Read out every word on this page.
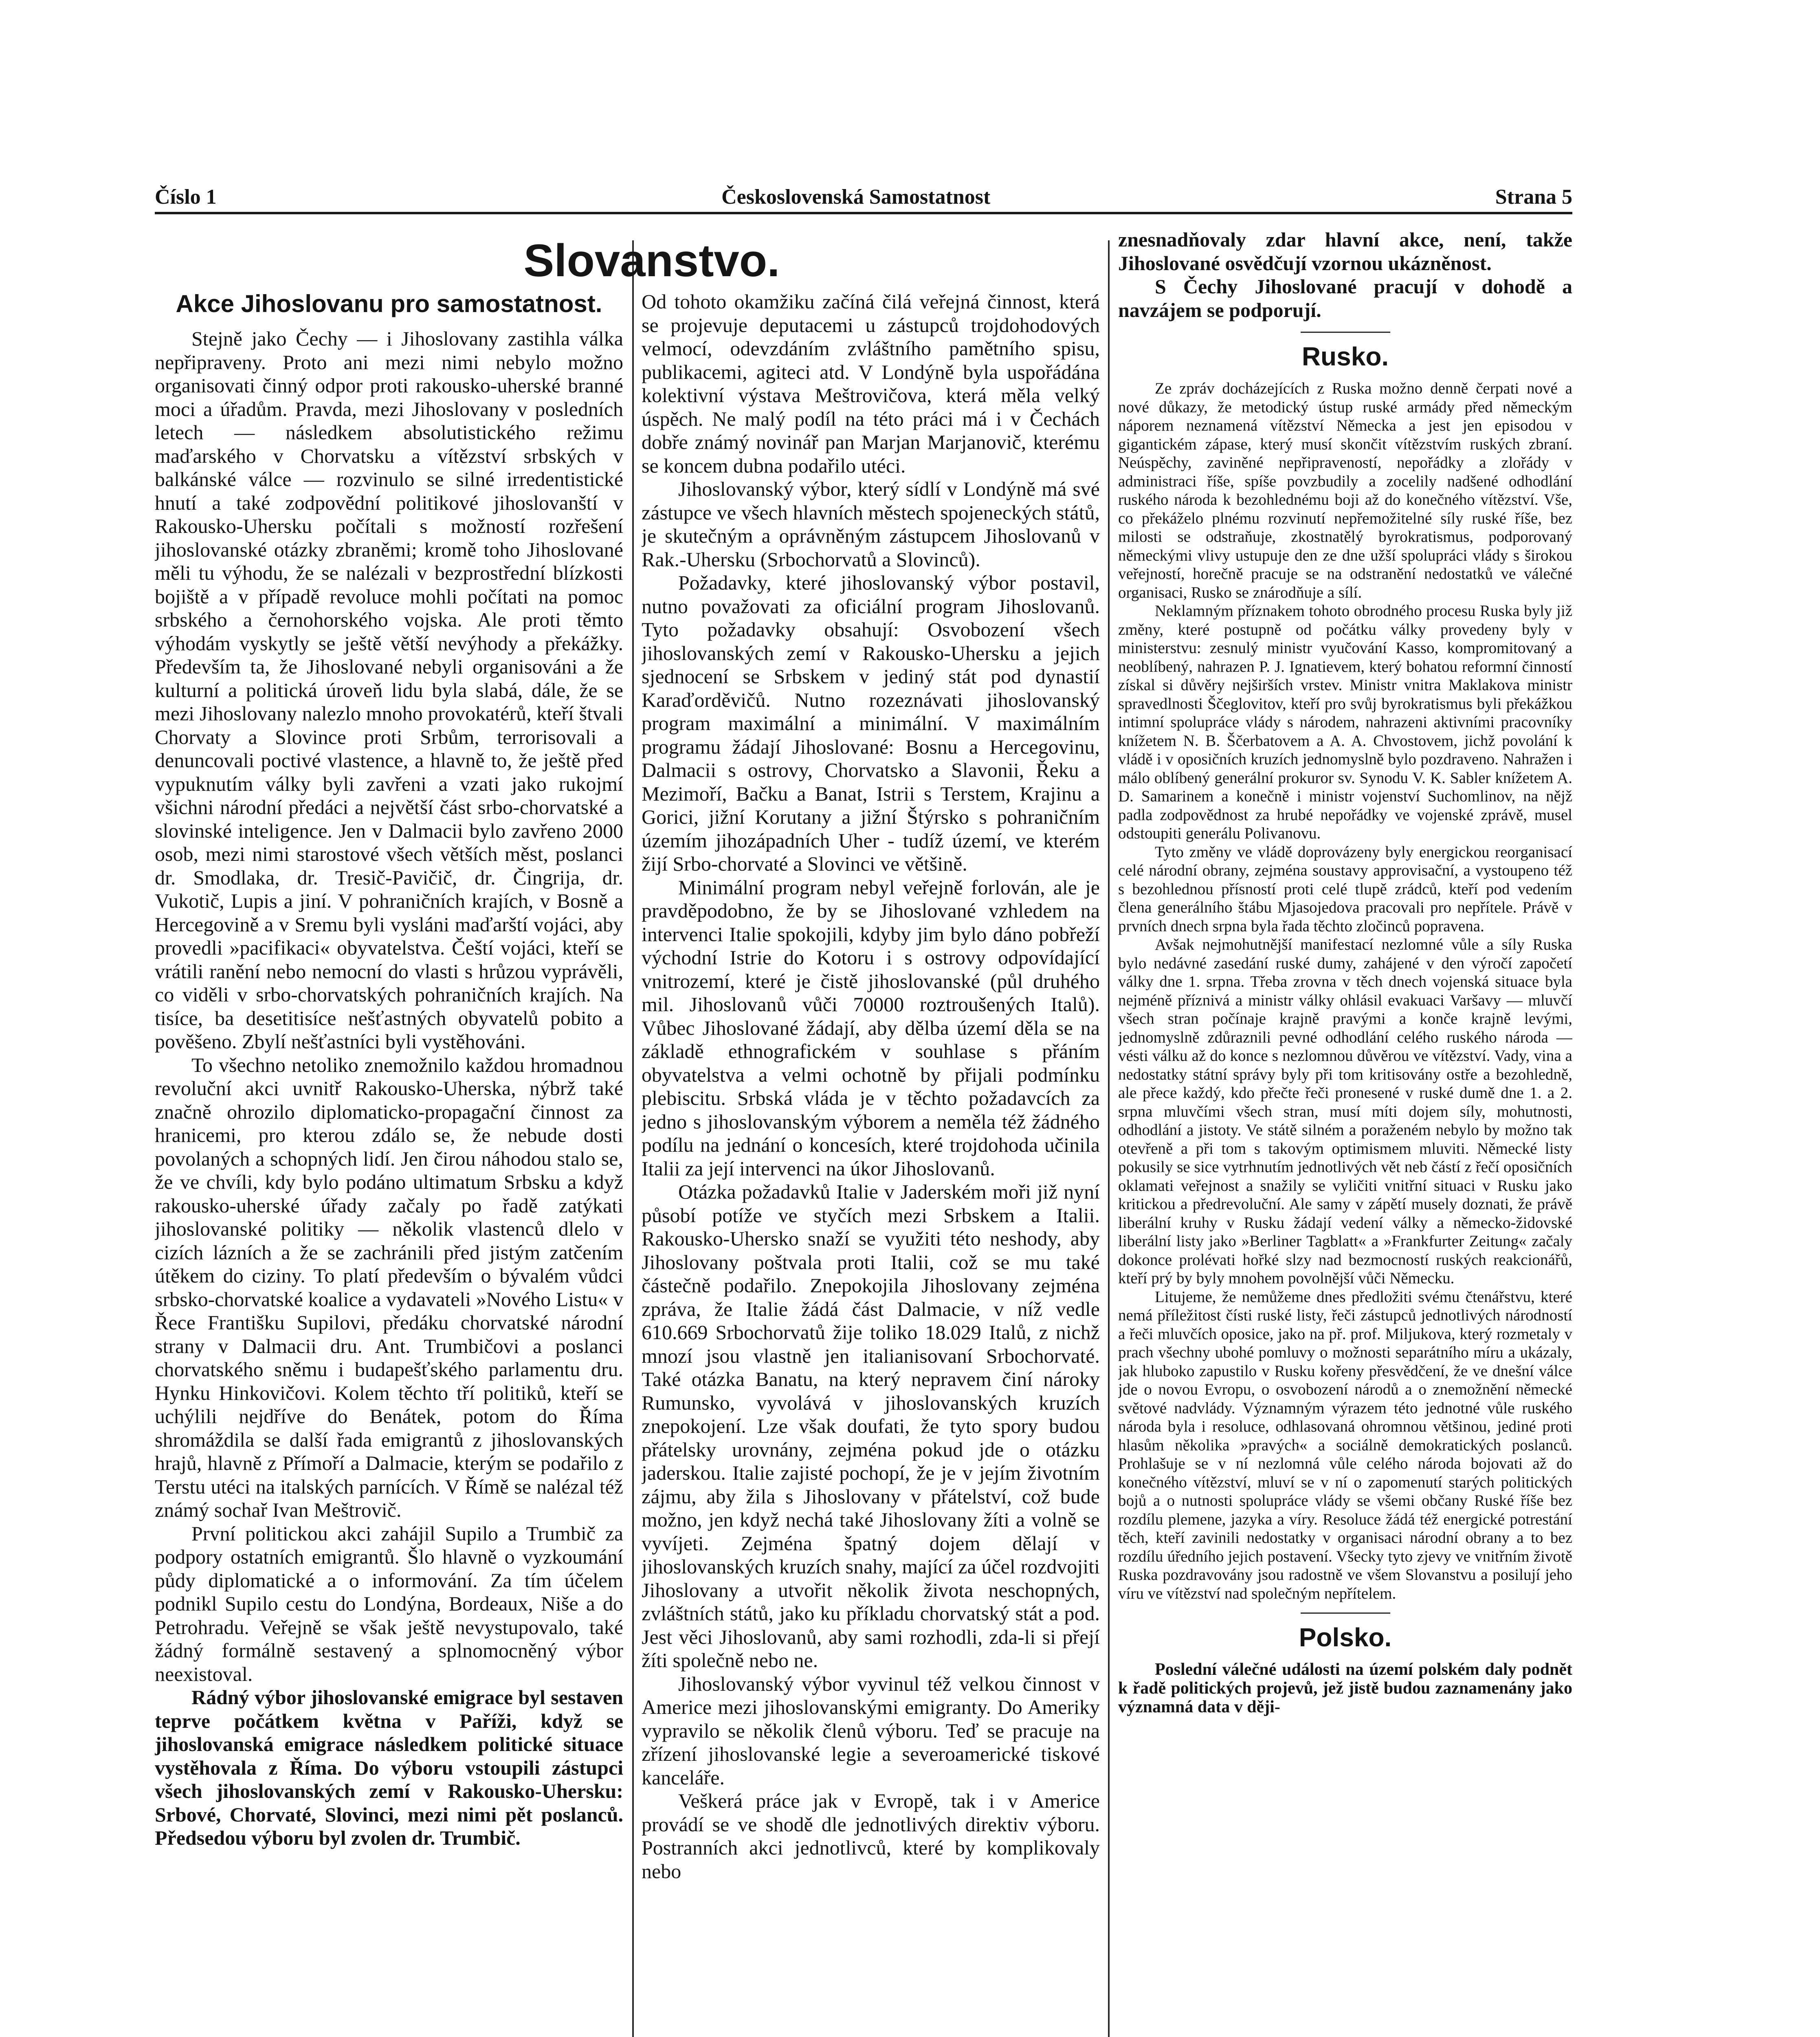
Číslo 1	Československá Samostatnost	Strana 5
Akce Jihoslovanu pro samostatnost.

Stejně jako Čechy — i Jihoslovany zastihla válka nepřipraveny. Proto ani mezi nimi nebylo možno organisovati činný odpor proti rakousko-uherské branné moci a úřadům. Pravda, mezi Jihoslovany v posledních letech — následkem absolutistického režimu maďarského v Chorvatsku a vítězství srbských v balkánské válce — rozvinulo se silné irredentistické hnutí a také zodpovědní politikové jihoslovanští v Rakousko-Uhersku počítali s možností rozřešení jihoslovanské otázky zbraněmi; kromě toho Jihoslované měli tu výhodu, že se nalézali v bezprostřední blízkosti bojiště a v případě revoluce mohli počítati na pomoc srbského a černohorského vojska. Ale proti těmto výhodám vyskytly se ještě větší nevýhody a překážky. Především ta, že Jihoslované nebyli organisováni a že kulturní a politická úroveň lidu byla slabá, dále, že se mezi Jihoslovany nalezlo mnoho provokatérů, kteří štvali Chorvaty a Slovince proti Srbům, terrorisovali a denuncovali poctivé vlastence, a hlavně to, že ještě před vypuknutím války byli zavřeni a vzati jako rukojmí všichni národní předáci a největší část srbo-chorvatské a slovinské inteligence. Jen v Dalmacii bylo zavřeno 2000 osob, mezi nimi starostové všech větších měst, poslanci dr. Smodlaka, dr. Tresič-Pavičič, dr. Čingrija, dr. Vukotič, Lupis a jiní. V pohraničních krajích, v Bosně a Hercegovině a v Sremu byli vysláni maďarští vojáci, aby provedli »pacifikaci« obyvatelstva. Čeští vojáci, kteří se vrátili ranění nebo nemocní do vlasti s hrůzou vyprávěli, co viděli v srbo-chorvatských pohraničních krajích. Na tisíce, ba desetitisíce nešťastných obyvatelů pobito a pověšeno. Zbylí nešťastníci byli vystěhováni.

To všechno netoliko znemožnilo každou hromadnou revoluční akci uvnitř Rakousko-Uherska, nýbrž také značně ohrozilo diplomaticko-propagační činnost za hranicemi, pro kterou zdálo se, že nebude dosti povolaných a schopných lidí. Jen čirou náhodou stalo se, že ve chvíli, kdy bylo podáno ultimatum Srbsku a když rakousko-uherské úřady začaly po řadě zatýkati jihoslovanské politiky — několik vlastenců dlelo v cizích lázních a že se zachránili před jistým zatčením útěkem do ciziny. To platí především o bývalém vůdci srbsko-chorvatské koalice a vydavateli »Nového Listu« v Řece Františku Supilovi, předáku chorvatské národní strany v Dalmacii dru. Ant. Trumbičovi a poslanci chorvatského sněmu i budapešťského parlamentu dru. Hynku Hinkovičovi. Kolem těchto tří politiků, kteří se uchýlili nejdříve do Benátek, potom do Říma shromáždila se další řada emigrantů z jihoslovanských hrajů, hlavně z Přímoří a Dalmacie, kterým se podařilo z Terstu utéci na italských parnících. V Římě se nalézal též známý sochař Ivan Meštrovič.

První politickou akci zahájil Supilo a Trumbič za podpory ostatních emigrantů. Šlo hlavně o vyzkoumání půdy diplomatické a o informování. Za tím účelem podnikl Supilo cestu do Londýna, Bordeaux, Niše a do Petrohradu. Veřejně se však ještě nevystupovalo, také žádný formálně sestavený a splnomocněný výbor neexistoval.

Rádný výbor jihoslovanské emigrace byl sestaven teprve počátkem května v Paříži, když se jihoslovanská emigrace následkem politické situace vystěhovala z Říma. Do výboru vstoupili zástupci všech jihoslovanských zemí v Rakousko-Uhersku: Srbové, Chorvaté, Slovinci, mezi nimi pět poslanců. Předsedou výboru byl zvolen dr. Trumbič.

Slovanstvo.

Od tohoto okamžiku začíná čilá veřejná činnost, která se projevuje deputacemi u zástupců trojdohodových velmocí, odevzdáním zvláštního pamětního spisu, publikacemi, agiteci atd. V Londýně byla uspořádána kolektivní výstava Meštrovičova, která měla velký úspěch. Ne malý podíl na této práci má i v Čechách dobře známý novinář pan Marjan Marjanovič, kterému se koncem dubna podařilo utéci.

Jihoslovanský výbor, který sídlí v Londýně má své zástupce ve všech hlavních městech spojeneckých států, je skutečným a oprávněným zástupcem Jihoslovanů v Rak.-Uhersku (Srbochorvatů a Slovinců).

Požadavky, které jihoslovanský výbor postavil, nutno považovati za oficiální program Jihoslovanů. Tyto požadavky obsahují: Osvobození všech jihoslovanských zemí v Rakousko-Uhersku a jejich sjednocení se Srbskem v jediný stát pod dynastií Karaďorděvičů. Nutno rozeznávati jihoslovanský program maximální a minimální. V maximálním programu žádají Jihoslované: Bosnu a Hercegovinu, Dalmacii s ostrovy, Chorvatsko a Slavonii, Řeku a Mezimoří, Bačku a Banat, Istrii s Terstem, Krajinu a Gorici, jižní Korutany a jižní Štýrsko s pohraničním územím jihozápadních Uher - tudíž území, ve kterém žijí Srbo-chorvaté a Slovinci ve většině.

Minimální program nebyl veřejně forlován, ale je pravděpodobno, že by se Jihoslované vzhledem na intervenci Italie spokojili, kdyby jim bylo dáno pobřeží východní Istrie do Kotoru i s ostrovy odpovídající vnitrozemí, které je čistě jihoslovanské (půl druhého mil. Jihoslovanů vůči 70000 roztroušených Italů). Vůbec Jihoslované žádají, aby dělba území děla se na základě ethnografickém v souhlase s přáním obyvatelstva a velmi ochotně by přijali podmínku plebiscitu. Srbská vláda je v těchto požadavcích za jedno s jihoslovanským výborem a neměla též žádného podílu na jednání o koncesích, které trojdohoda učinila Italii za její intervenci na úkor Jihoslovanů.

Otázka požadavků Italie v Jaderském moři již nyní působí potíže ve styčích mezi Srbskem a Italii. Rakousko-Uhersko snaží se využiti této neshody, aby Jihoslovany poštvala proti Italii, což se mu také částečně podařilo. Znepokojila Jihoslovany zejména zpráva, že Italie žádá část Dalmacie, v níž vedle 610.669 Srbochorvatů žije toliko 18.029 Italů, z nichž mnozí jsou vlastně jen italianisovaní Srbochorvaté. Také otázka Banatu, na který nepravem činí nároky Rumunsko, vyvolává v jihoslovanských kruzích znepokojení. Lze však doufati, že tyto spory budou přátelsky urovnány, zejména pokud jde o otázku jaderskou. Italie zajisté pochopí, že je v jejím životním zájmu, aby žila s Jihoslovany v přátelství, což bude možno, jen když nechá také Jihoslovany žíti a volně se vyvíjeti. Zejména špatný dojem dělají v jihoslovanských kruzích snahy, mající za účel rozdvojiti Jihoslovany a utvořit několik života neschopných, zvláštních států, jako ku příkladu chorvatský stát a pod. Jest věci Jihoslovanů, aby sami rozhodli, zda-li si přejí žíti společně nebo ne.

Jihoslovanský výbor vyvinul též velkou činnost v Americe mezi jihoslovanskými emigranty. Do Ameriky vypravilo se několik členů výboru. Teď se pracuje na zřízení jihoslovanské legie a severoamerické tiskové kanceláře.

Veškerá práce jak v Evropě, tak i v Americe provádí se ve shodě dle jednotlivých direktiv výboru. Postranních akci jednotlivců, které by komplikovaly nebo

znesnadňovaly zdar hlavní akce, není, takže Jihoslované osvědčují vzornou ukázněnost.

S Čechy Jihoslované pracují v dohodě a navzájem se podporují.

Rusko.

Ze zpráv docházejících z Ruska možno denně čerpati nové a nové důkazy, že metodický ústup ruské armády před německým náporem neznamená vítězství Německa a jest jen episodou v gigantickém zápase, který musí skončit vítězstvím ruských zbraní. Neúspěchy, zaviněné nepřipraveností, nepořádky a zlořády v administraci říše, spíše povzbudily a zocelily nadšené odhodlání ruského národa k bezohlednému boji až do konečného vítězství. Vše, co překáželo plnému rozvinutí nepřemožitelné síly ruské říše, bez milosti se odstraňuje, zkostnatělý byrokratismus, podporovaný německými vlivy ustupuje den ze dne užší spolupráci vlády s širokou veřejností, horečně pracuje se na odstranění nedostatků ve válečné organisaci, Rusko se znárodňuje a sílí.

Neklamným příznakem tohoto obrodného procesu Ruska byly již změny, které postupně od počátku války provedeny byly v ministerstvu: zesnulý ministr vyučování Kasso, kompromitovaný a neoblíbený, nahrazen P. J. Ignatievem, který bohatou reformní činností získal si důvěry nejširších vrstev. Ministr vnitra Maklakova ministr spravedlnosti Ščeglovitov, kteří pro svůj byrokratismus byli překážkou intimní spolupráce vlády s národem, nahrazeni aktivními pracovníky knížetem N. B. Ščerbatovem a A. A. Chvostovem, jichž povolání k vládě i v oposičních kruzích jednomyslně bylo pozdraveno. Nahražen i málo oblíbený generální prokuror sv. Synodu V. K. Sabler knížetem A. D. Samarinem a konečně i ministr vojenství Suchomlinov, na nějž padla zodpovědnost za hrubé nepořádky ve vojenské zprávě, musel odstoupiti generálu Polivanovu.

Tyto změny ve vládě doprovázeny byly energickou reorganisací celé národní obrany, zejména soustavy approvisační, a vystoupeno též s bezohlednou přísností proti celé tlupě zrádců, kteří pod vedením člena generálního štábu Mjasojedova pracovali pro nepřítele. Právě v prvních dnech srpna byla řada těchto zločinců popravena.

Avšak nejmohutnější manifestací nezlomné vůle a síly Ruska bylo nedávné zasedání ruské dumy, zahájené v den výročí započetí války dne 1. srpna. Třeba zrovna v těch dnech vojenská situace byla nejméně příznivá a ministr války ohlásil evakuaci Varšavy — mluvčí všech stran počínaje krajně pravými a konče krajně levými, jednomyslně zdůraznili pevné odhodlání celého ruského národa — vésti válku až do konce s nezlomnou důvěrou ve vítězství. Vady, vina a nedostatky státní správy byly při tom kritisovány ostře a bezohledně, ale přece každý, kdo přečte řeči pronesené v ruské dumě dne 1. a 2. srpna mluvčími všech stran, musí míti dojem síly, mohutnosti, odhodlání a jistoty. Ve státě silném a poraženém nebylo by možno tak otevřeně a při tom s takovým optimismem mluviti. Německé listy pokusily se sice vytrhnutím jednotlivých vět neb částí z řečí oposičních oklamati veřejnost a snažily se vyličiti vnitřní situaci v Rusku jako kritickou a předrevoluční. Ale samy v zápětí musely doznati, že právě liberální kruhy v Rusku žádají vedení války a německo-židovské liberální listy jako »Berliner Tagblatt« a »Frankfurter Zeitung« začaly dokonce prolévati hořké slzy nad bezmocností ruských reakcionářů, kteří prý by byly mnohem povolnější vůči Německu.

Litujeme, že nemůžeme dnes předložiti svému čtenářstvu, které nemá příležitost čísti ruské listy, řeči zástupců jednotlivých národností a řeči mluvčích oposice, jako na př. prof. Miljukova, který rozmetaly v prach všechny ubohé pomluvy o možnosti separátního míru a ukázaly, jak hluboko zapustilo v Rusku kořeny přesvědčení, že ve dnešní válce jde o novou Evropu, o osvobození národů a o znemožnění německé světové nadvlády. Významným výrazem této jednotné vůle ruského národa byla i resoluce, odhlasovaná ohromnou většinou, jediné proti hlasům několika »pravých« a sociálně demokratických poslanců. Prohlašuje se v ní nezlomná vůle celého národa bojovati až do konečného vítězství, mluví se v ní o zapomenutí starých politických bojů a o nutnosti spolupráce vlády se všemi občany Ruské říše bez rozdílu plemene, jazyka a víry. Resoluce žádá též energické potrestání těch, kteří zavinili nedostatky v organisaci národní obrany a to bez rozdílu úředního jejich postavení. Všecky tyto zjevy ve vnitřním životě Ruska pozdravovány jsou radostně ve všem Slovanstvu a posilují jeho víru ve vítězství nad společným nepřítelem.

Polsko.

Poslední válečné události na území polském daly podnět k řadě politických projevů, jež jistě budou zaznamenány jako významná data v ději-
